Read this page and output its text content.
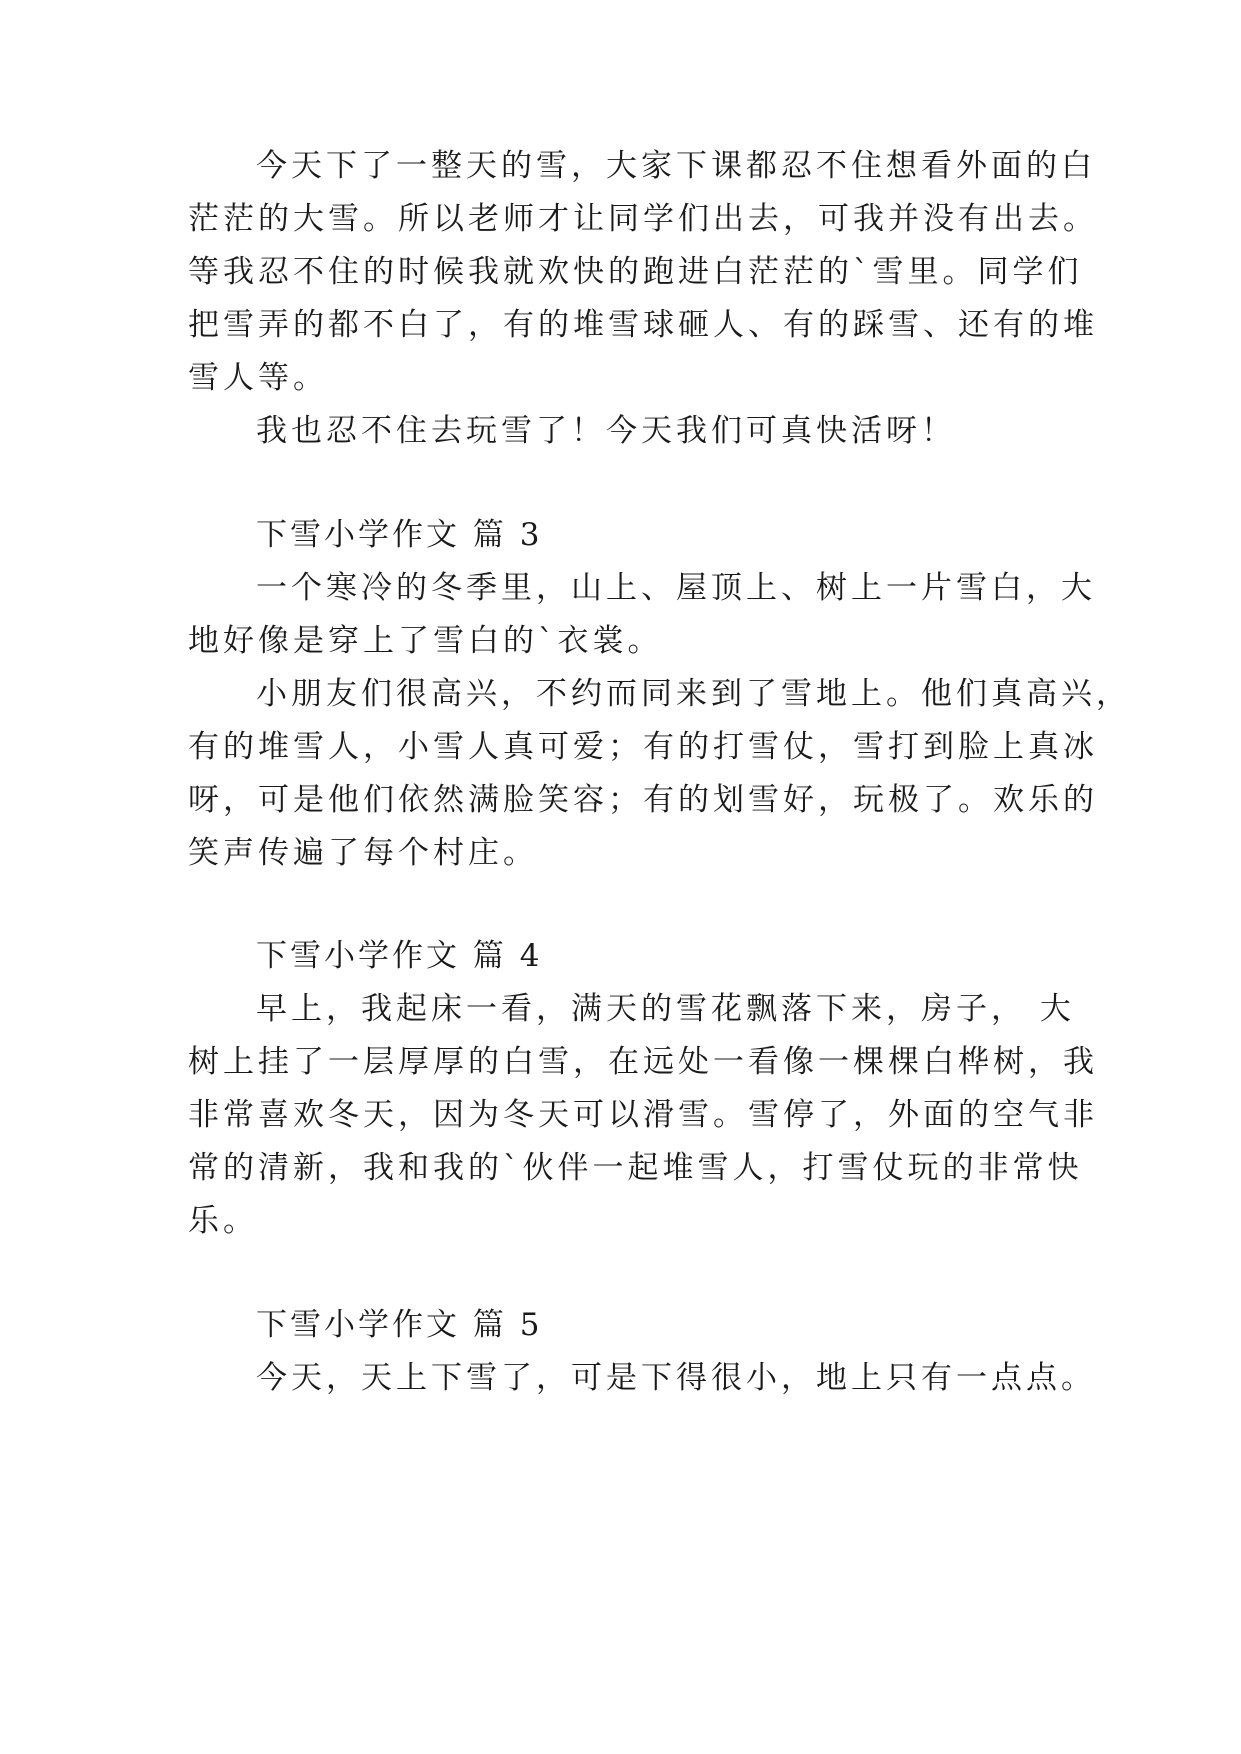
今天下了一整天的雪，大家下课都忍不住想看外面的白
茫茫的大雪。所以老师才让同学们出去，可我并没有出去。
等我忍不住的时候我就欢快的跑进白茫茫的`雪里。同学们
把雪弄的都不白了，有的堆雪球砸人、有的踩雪、还有的堆
雪人等。
我也忍不住去玩雪了！今天我们可真快活呀！
下雪小学作文 篇 3
一个寒冷的冬季里，山上、屋顶上、树上一片雪白，大
地好像是穿上了雪白的`衣裳。
小朋友们很高兴，不约而同来到了雪地上。他们真高兴，
有的堆雪人，小雪人真可爱；有的打雪仗，雪打到脸上真冰
呀，可是他们依然满脸笑容；有的划雪好，玩极了。欢乐的
笑声传遍了每个村庄。
下雪小学作文 篇 4
早上，我起床一看，满天的雪花飘落下来，房子， 大
树上挂了一层厚厚的白雪，在远处一看像一棵棵白桦树，我
非常喜欢冬天，因为冬天可以滑雪。雪停了，外面的空气非
常的清新，我和我的`伙伴一起堆雪人，打雪仗玩的非常快
乐。
下雪小学作文 篇 5
今天，天上下雪了，可是下得很小，地上只有一点点。
